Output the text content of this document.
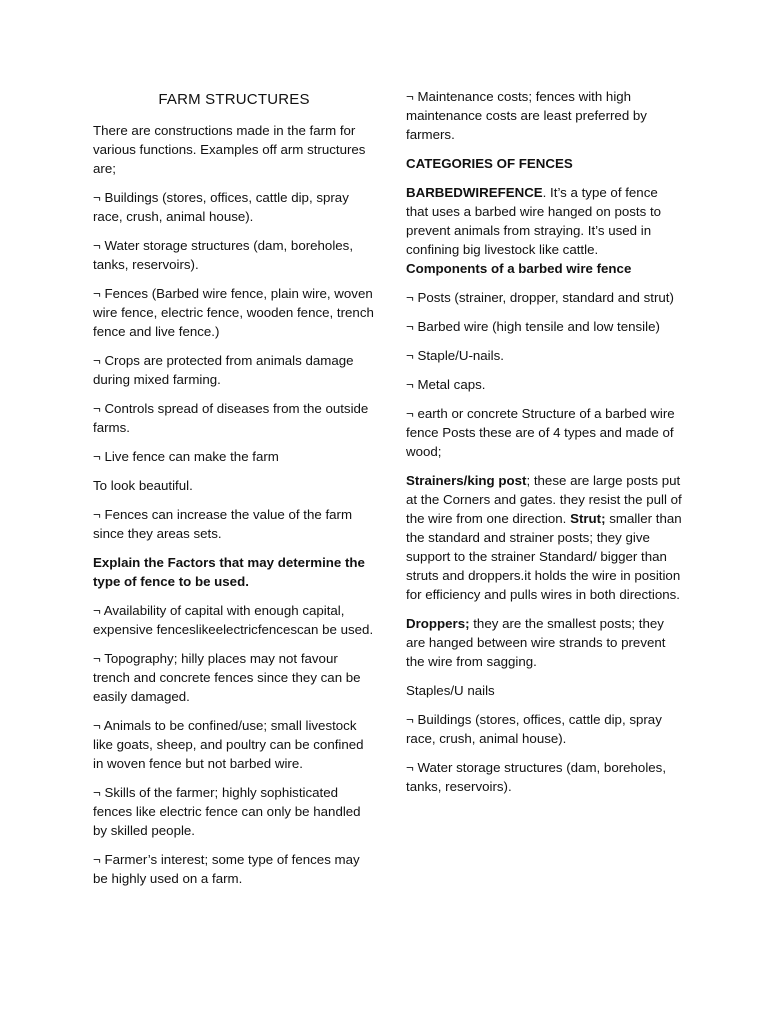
FARM STRUCTURES

There are constructions made in the farm for various functions. Examples off arm structures are;

¬ Buildings (stores, offices, cattle dip, spray race, crush, animal house).

¬ Water storage structures (dam, boreholes, tanks, reservoirs).

¬ Fences (Barbed wire fence, plain wire, woven wire fence, electric fence, wooden fence, trench fence and live fence.)

¬ Crops are protected from animals damage during mixed farming.

¬ Controls spread of diseases from the outside farms.

¬ Live fence can make the farm

To look beautiful.

¬ Fences can increase the value of the farm since they areas sets.

Explain the Factors that may determine the type of fence to be used.

¬ Availability of capital with enough capital, expensive fenceslikeelectricfencescan be used.

¬ Topography; hilly places may not favour trench and concrete fences since they can be easily damaged.

¬ Animals to be confined/use; small livestock like goats, sheep, and poultry can be confined in woven fence but not barbed wire.

¬ Skills of the farmer; highly sophisticated fences like electric fence can only be handled by skilled people.

¬ Farmer’s interest; some type of fences may be highly used on a farm.

¬ Maintenance costs; fences with high maintenance costs are least preferred by farmers.

CATEGORIES OF FENCES

BARBEDWIREFENCE. It’s a type of fence that uses a barbed wire hanged on posts to prevent animals from straying. It’s used in confining big livestock like cattle.

Components of a barbed wire fence

¬ Posts (strainer, dropper, standard and strut)

¬ Barbed wire (high tensile and low tensile)

¬ Staple/U-nails.

¬ Metal caps.

¬ earth or concrete Structure of a barbed wire fence Posts these are of 4 types and made of wood;

Strainers/king post; these are large posts put at the Corners and gates. they resist the pull of the wire from one direction. Strut; smaller than the standard and strainer posts; they give support to the strainer Standard/ bigger than struts and droppers.it holds the wire in position for efficiency and pulls wires in both directions.

Droppers; they are the smallest posts; they are hanged between wire strands to prevent the wire from sagging.

Staples/U nails

¬ Buildings (stores, offices, cattle dip, spray race, crush, animal house).

¬ Water storage structures (dam, boreholes, tanks, reservoirs).
